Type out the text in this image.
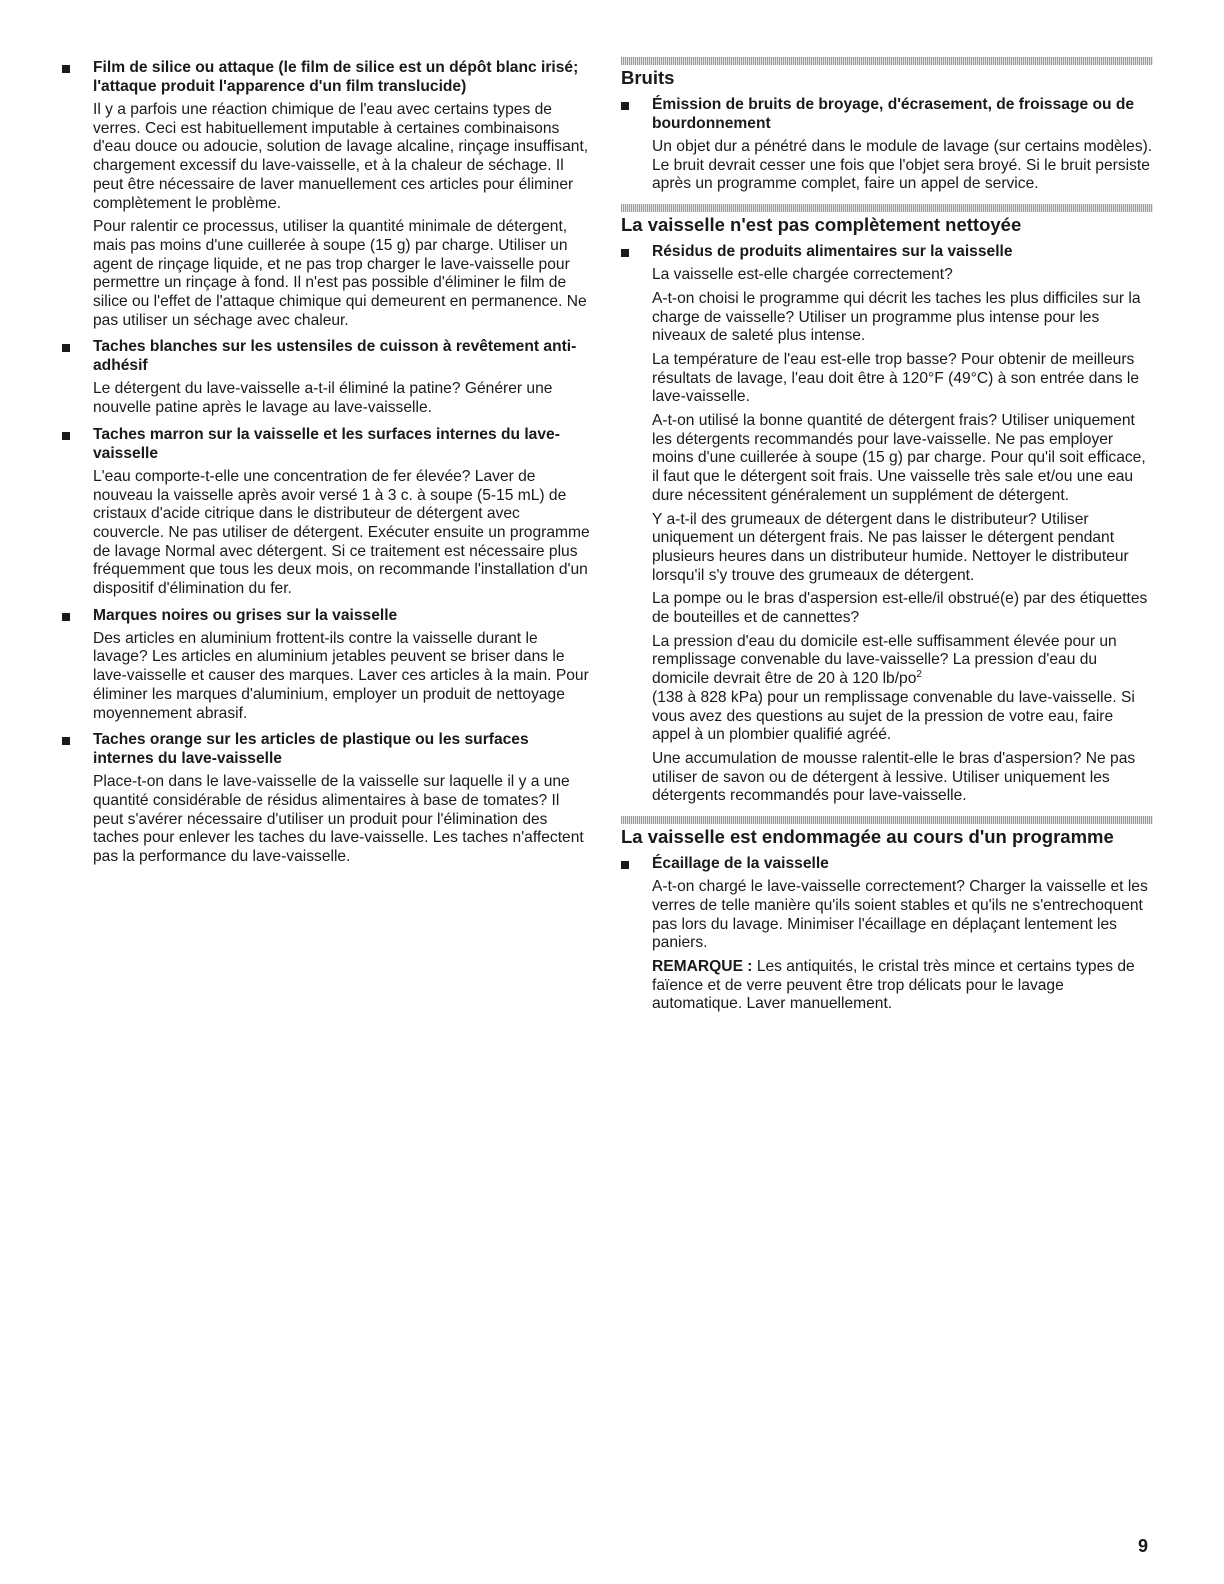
Film de silice ou attaque (le film de silice est un dépôt blanc irisé; l'attaque produit l'apparence d'un film translucide)

Il y a parfois une réaction chimique de l'eau avec certains types de verres. Ceci est habituellement imputable à certaines combinaisons d'eau douce ou adoucie, solution de lavage alcaline, rinçage insuffisant, chargement excessif du lave-vaisselle, et à la chaleur de séchage. Il peut être nécessaire de laver manuellement ces articles pour éliminer complètement le problème.

Pour ralentir ce processus, utiliser la quantité minimale de détergent, mais pas moins d'une cuillerée à soupe (15 g) par charge. Utiliser un agent de rinçage liquide, et ne pas trop charger le lave-vaisselle pour permettre un rinçage à fond. Il n'est pas possible d'éliminer le film de silice ou l'effet de l'attaque chimique qui demeurent en permanence. Ne pas utiliser un séchage avec chaleur.

Taches blanches sur les ustensiles de cuisson à revêtement anti-adhésif

Le détergent du lave-vaisselle a-t-il éliminé la patine? Générer une nouvelle patine après le lavage au lave-vaisselle.

Taches marron sur la vaisselle et les surfaces internes du lave-vaisselle

L'eau comporte-t-elle une concentration de fer élevée? Laver de nouveau la vaisselle après avoir versé 1 à 3 c. à soupe (5-15 mL) de cristaux d'acide citrique dans le distributeur de détergent avec couvercle. Ne pas utiliser de détergent. Exécuter ensuite un programme de lavage Normal avec détergent. Si ce traitement est nécessaire plus fréquemment que tous les deux mois, on recommande l'installation d'un dispositif d'élimination du fer.

Marques noires ou grises sur la vaisselle

Des articles en aluminium frottent-ils contre la vaisselle durant le lavage? Les articles en aluminium jetables peuvent se briser dans le lave-vaisselle et causer des marques. Laver ces articles à la main. Pour éliminer les marques d'aluminium, employer un produit de nettoyage moyennement abrasif.

Taches orange sur les articles de plastique ou les surfaces internes du lave-vaisselle

Place-t-on dans le lave-vaisselle de la vaisselle sur laquelle il y a une quantité considérable de résidus alimentaires à base de tomates? Il peut s'avérer nécessaire d'utiliser un produit pour l'élimination des taches pour enlever les taches du lave-vaisselle. Les taches n'affectent pas la performance du lave-vaisselle.

Bruits
Émission de bruits de broyage, d'écrasement, de froissage ou de bourdonnement

Un objet dur a pénétré dans le module de lavage (sur certains modèles). Le bruit devrait cesser une fois que l'objet sera broyé. Si le bruit persiste après un programme complet, faire un appel de service.

La vaisselle n'est pas complètement nettoyée
Résidus de produits alimentaires sur la vaisselle

La vaisselle est-elle chargée correctement?

A-t-on choisi le programme qui décrit les taches les plus difficiles sur la charge de vaisselle? Utiliser un programme plus intense pour les niveaux de saleté plus intense.

La température de l'eau est-elle trop basse? Pour obtenir de meilleurs résultats de lavage, l'eau doit être à 120°F (49°C) à son entrée dans le lave-vaisselle.

A-t-on utilisé la bonne quantité de détergent frais? Utiliser uniquement les détergents recommandés pour lave-vaisselle. Ne pas employer moins d'une cuillerée à soupe (15 g) par charge. Pour qu'il soit efficace, il faut que le détergent soit frais. Une vaisselle très sale et/ou une eau dure nécessitent généralement un supplément de détergent.

Y a-t-il des grumeaux de détergent dans le distributeur? Utiliser uniquement un détergent frais. Ne pas laisser le détergent pendant plusieurs heures dans un distributeur humide. Nettoyer le distributeur lorsqu'il s'y trouve des grumeaux de détergent.

La pompe ou le bras d'aspersion est-elle/il obstrué(e) par des étiquettes de bouteilles et de cannettes?

La pression d'eau du domicile est-elle suffisamment élevée pour un remplissage convenable du lave-vaisselle? La pression d'eau du domicile devrait être de 20 à 120 $lb/po^2$
(138 à 828 kPa) pour un remplissage convenable du lave-vaisselle. Si vous avez des questions au sujet de la pression de votre eau, faire appel à un plombier qualifié agréé.

Une accumulation de mousse ralentit-elle le bras d'aspersion? Ne pas utiliser de savon ou de détergent à lessive. Utiliser uniquement les détergents recommandés pour lave-vaisselle.

La vaisselle est endommagée au cours d'un programme
Écaillage de la vaisselle

A-t-on chargé le lave-vaisselle correctement? Charger la vaisselle et les verres de telle manière qu'ils soient stables et qu'ils ne s'entrechoquent pas lors du lavage. Minimiser l'écaillage en déplaçant lentement les paniers.

REMARQUE : Les antiquités, le cristal très mince et certains types de faïence et de verre peuvent être trop délicats pour le lavage automatique. Laver manuellement.

9
